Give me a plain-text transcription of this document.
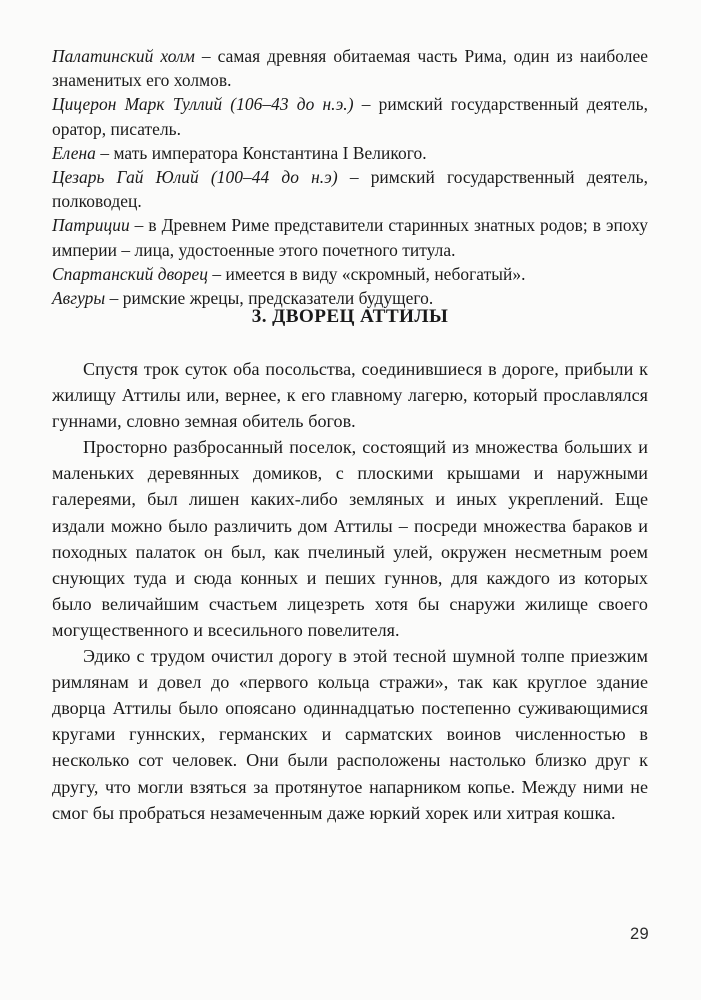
Палатинский холм – самая древняя обитаемая часть Рима, один из наиболее знаменитых его холмов.

Цицерон Марк Туллий (106–43 до н.э.) – римский государственный деятель, оратор, писатель.

Елена – мать императора Константина I Великого.

Цезарь Гай Юлий (100–44 до н.э) – римский государственный деятель, полководец.

Патриции – в Древнем Риме представители старинных знатных родов; в эпоху империи – лица, удостоенные этого почетного титула.

Спартанский дворец – имеется в виду «скромный, небогатый».

Авгуры – римские жрецы, предсказатели будущего.

3. ДВОРЕЦ АТТИЛЫ

Спустя трок суток оба посольства, соединившиеся в дороге, прибыли к жилищу Аттилы или, вернее, к его главному лагерю, который прославлялся гуннами, словно земная обитель богов.

Просторно разбросанный поселок, состоящий из множества больших и маленьких деревянных домиков, с плоскими крышами и наружными галереями, был лишен каких-либо земляных и иных укреплений. Еще издали можно было различить дом Аттилы – посреди множества бараков и походных палаток он был, как пчелиный улей, окружен несметным роем снующих туда и сюда конных и пеших гуннов, для каждого из которых было величайшим счастьем лицезреть хотя бы снаружи жилище своего могущественного и всесильного повелителя.

Эдико с трудом очистил дорогу в этой тесной шумной толпе приезжим римлянам и довел до «первого кольца стражи», так как круглое здание дворца Аттилы было опоясано одиннадцатью постепенно суживающимися кругами гуннских, германских и сарматских воинов численностью в несколько сот человек. Они были расположены настолько близко друг к другу, что могли взяться за протянутое напарником копье. Между ними не смог бы пробраться незамеченным даже юркий хорек или хитрая кошка.

29
